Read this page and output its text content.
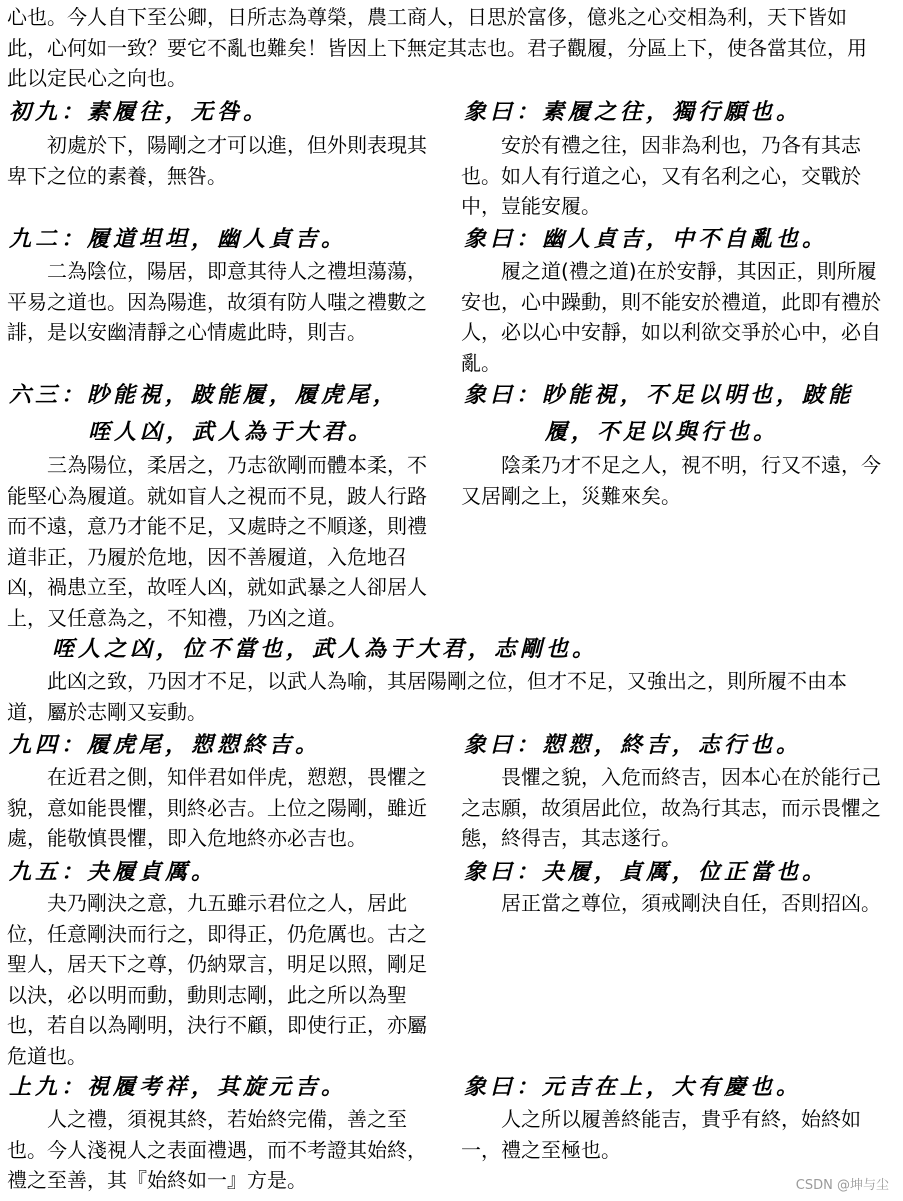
心也。今人自下至公卿，日所志為尊榮，農工商人，日思於富侈，億兆之心交相為利，天下皆如此，心何如一致？要它不亂也難矣！皆因上下無定其志也。君子觀履，分區上下，使各當其位，用此以定民心之向也。

初九：素履往，无咎。	象曰：素履之往，獨行願也。

初處於下，陽剛之才可以進，但外則表現其卑下之位的素養，無咎。

安於有禮之往，因非為利也，乃各有其志也。如人有行道之心，又有名利之心，交戰於中，豈能安履。

九二：履道坦坦，幽人貞吉。	象曰：幽人貞吉，中不自亂也。

二為陰位，陽居，即意其待人之禮坦蕩蕩，平易之道也。因為陽進，故須有防人嗤之禮數之誹，是以安幽清靜之心情處此時，則吉。

履之道(禮之道)在於安靜，其因正，則所履安也，心中躁動，則不能安於禮道，此即有禮於人，必以心中安靜，如以利欲交爭於心中，必自亂。

六三：眇能視，跛能履，履虎尾，
咥人凶，武人為于大君。
象曰：眇能視，不足以明也，跛能
履，不足以與行也。

三為陽位，柔居之，乃志欲剛而體本柔，不能堅心為履道。就如盲人之視而不見，跛人行路而不遠，意乃才能不足，又處時之不順遂，則禮道非正，乃履於危地，因不善履道，入危地召凶，禍患立至，故咥人凶，就如武暴之人卻居人上，又任意為之，不知禮，乃凶之道。

陰柔乃才不足之人，視不明，行又不遠，今又居剛之上，災難來矣。

咥人之凶，位不當也，武人為于大君，志剛也。

此凶之致，乃因才不足，以武人為喻，其居陽剛之位，但才不足，又強出之，則所履不由本道，屬於志剛又妄動。

九四：履虎尾，愬愬終吉。	象曰：愬愬，終吉，志行也。

在近君之側，知伴君如伴虎，愬愬，畏懼之貌，意如能畏懼，則終必吉。上位之陽剛，雖近處，能敬慎畏懼，即入危地終亦必吉也。

畏懼之貌，入危而終吉，因本心在於能行己之志願，故須居此位，故為行其志，而示畏懼之態，終得吉，其志遂行。

九五：夬履貞厲。	象曰：夬履，貞厲，位正當也。

夬乃剛決之意，九五雖示君位之人，居此位，任意剛決而行之，即得正，仍危厲也。古之聖人，居天下之尊，仍納眾言，明足以照，剛足以決，必以明而動，動則志剛，此之所以為聖也，若自以為剛明，決行不顧，即使行正，亦屬危道也。

居正當之尊位，須戒剛決自任，否則招凶。

上九：視履考祥，其旋元吉。	象曰：元吉在上，大有慶也。

人之禮，須視其終，若始終完備，善之至也。今人淺視人之表面禮遇，而不考證其始終，禮之至善，其『始終如一』方是。

人之所以履善終能吉，貴乎有終，始終如一，禮之至極也。

CSDN @坤与尘
